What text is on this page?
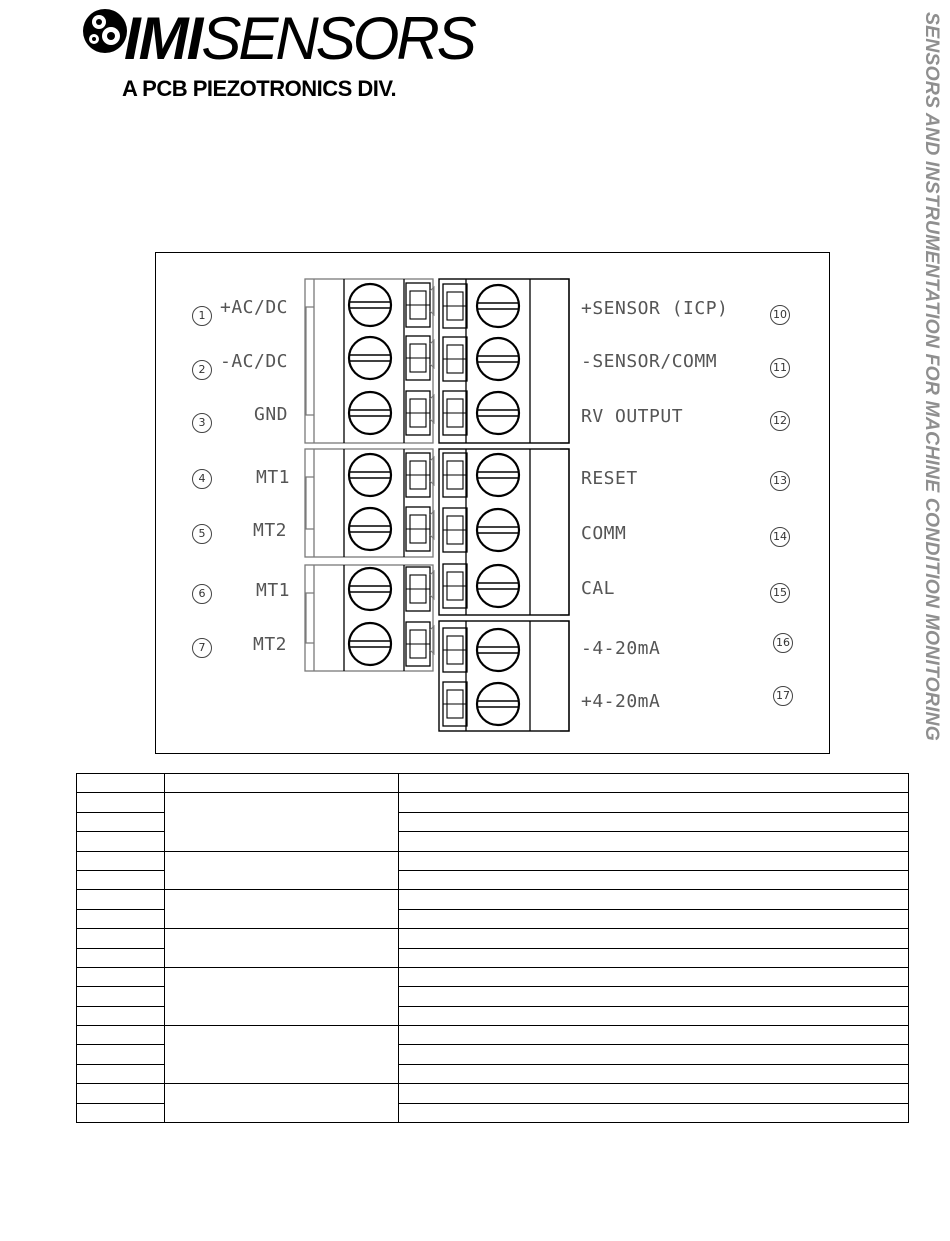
IMISENSORS
A PCB PIEZOTRONICS DIV.	SENSORS AND INSTRUMENTATION FOR MACHINE CONDITION MONITORING
1 +AC/DC
2 -AC/DC
3	GND
4	MT1
5	MT2
6	MT1
7	MT2
+SENSOR (ICP)	10
-SENSOR/COMM	11
RV OUTPUT	12
RESET	13
COMM	14
CAL	15
-4-20mA	16
+4-20mA	17
